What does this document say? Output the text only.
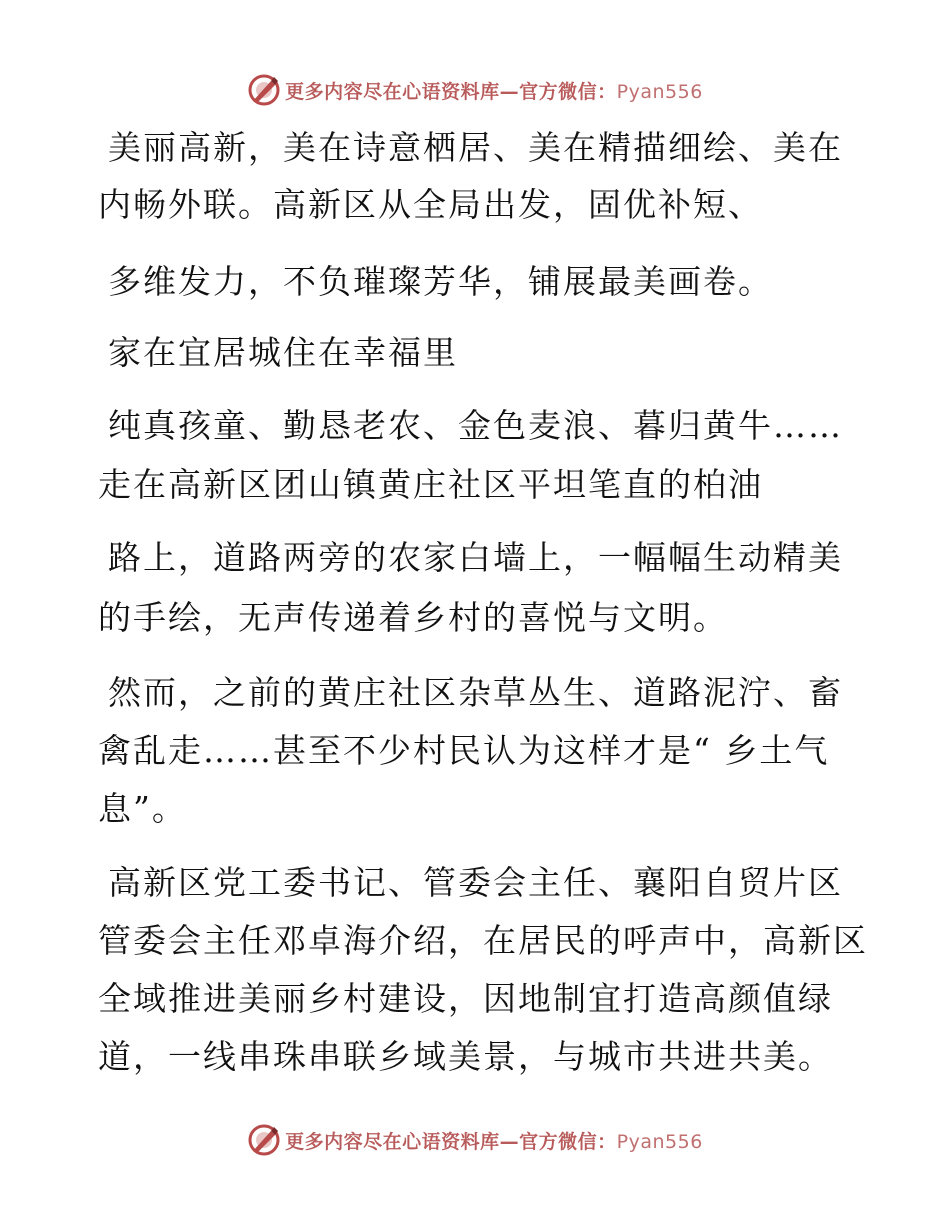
更多内容尽在心语资料库—官方微信：Pyan556
美丽高新，美在诗意栖居、美在精描细绘、美在
内畅外联。高新区从全局出发，固优补短、
多维发力，不负璀璨芳华，铺展最美画卷。
家在宜居城住在幸福里
纯真孩童、勤恳老农、金色麦浪、暮归黄牛……
走在高新区团山镇黄庄社区平坦笔直的柏油
路上，道路两旁的农家白墙上，一幅幅生动精美
的手绘，无声传递着乡村的喜悦与文明。
然而，之前的黄庄社区杂草丛生、道路泥泞、畜
禽乱走……甚至不少村民认为这样才是“ 乡土气
息”。
高新区党工委书记、管委会主任、襄阳自贸片区
管委会主任邓卓海介绍，在居民的呼声中，高新区
全域推进美丽乡村建设，因地制宜打造高颜值绿
道，一线串珠串联乡域美景，与城市共进共美。
更多内容尽在心语资料库—官方微信：Pyan556
